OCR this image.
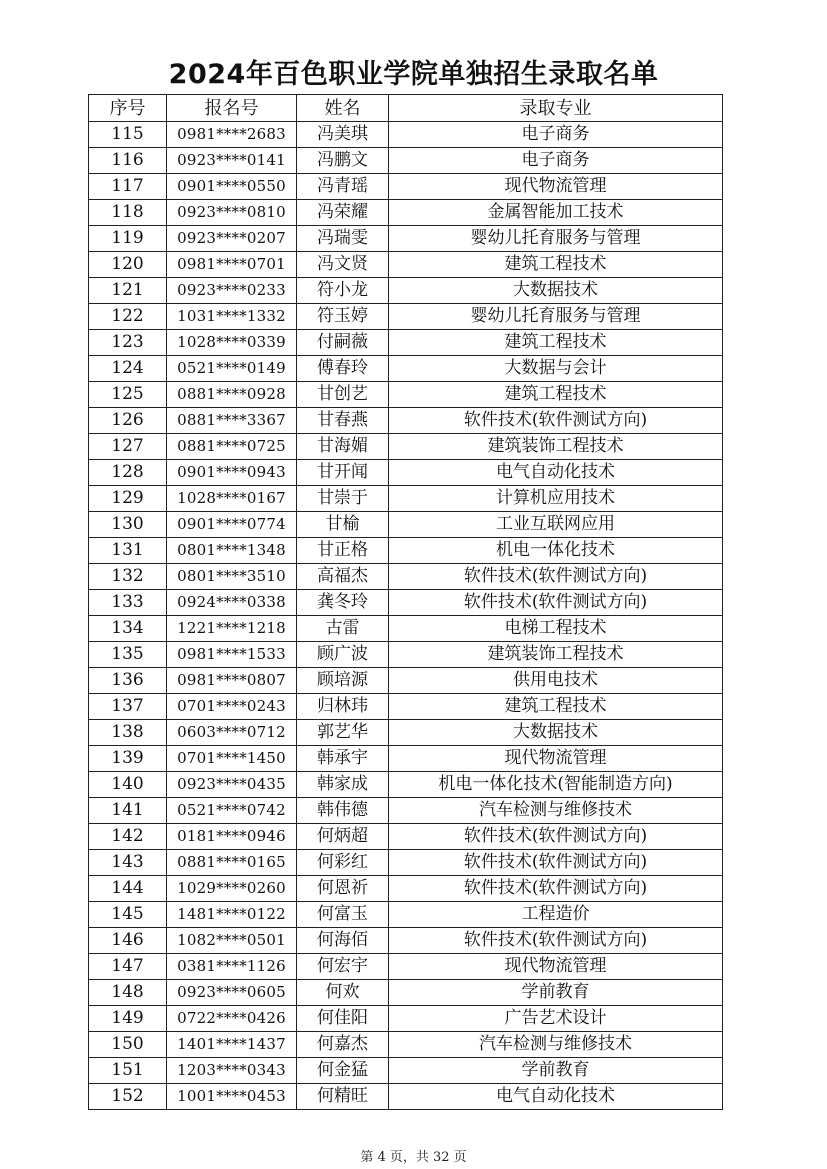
2024年百色职业学院单独招生录取名单
序号	报名号	姓名	录取专业
115	0981****2683	冯美琪	电子商务
116	0923****0141	冯鹏文	电子商务
117	0901****0550	冯青瑶	现代物流管理
118	0923****0810	冯荣耀	金属智能加工技术
119	0923****0207	冯瑞雯	婴幼儿托育服务与管理
120	0981****0701	冯文贤	建筑工程技术
121	0923****0233	符小龙	大数据技术
122	1031****1332	符玉婷	婴幼儿托育服务与管理
123	1028****0339	付嗣薇	建筑工程技术
124	0521****0149	傅春玲	大数据与会计
125	0881****0928	甘创艺	建筑工程技术
126	0881****3367	甘春燕	软件技术(软件测试方向)
127	0881****0725	甘海媚	建筑装饰工程技术
128	0901****0943	甘开闻	电气自动化技术
129	1028****0167	甘崇于	计算机应用技术
130	0901****0774	甘榆	工业互联网应用
131	0801****1348	甘正格	机电一体化技术
132	0801****3510	高福杰	软件技术(软件测试方向)
133	0924****0338	龚冬玲	软件技术(软件测试方向)
134	1221****1218	古雷	电梯工程技术
135	0981****1533	顾广波	建筑装饰工程技术
136	0981****0807	顾培源	供用电技术
137	0701****0243	归林玮	建筑工程技术
138	0603****0712	郭艺华	大数据技术
139	0701****1450	韩承宇	现代物流管理
140	0923****0435	韩家成	机电一体化技术(智能制造方向)
141	0521****0742	韩伟德	汽车检测与维修技术
142	0181****0946	何炳超	软件技术(软件测试方向)
143	0881****0165	何彩红	软件技术(软件测试方向)
144	1029****0260	何恩祈	软件技术(软件测试方向)
145	1481****0122	何富玉	工程造价
146	1082****0501	何海佰	软件技术(软件测试方向)
147	0381****1126	何宏宇	现代物流管理
148	0923****0605	何欢	学前教育
149	0722****0426	何佳阳	广告艺术设计
150	1401****1437	何嘉杰	汽车检测与维修技术
151	1203****0343	何金猛	学前教育
152	1001****0453	何精旺	电气自动化技术
第 4 页，共 32 页
